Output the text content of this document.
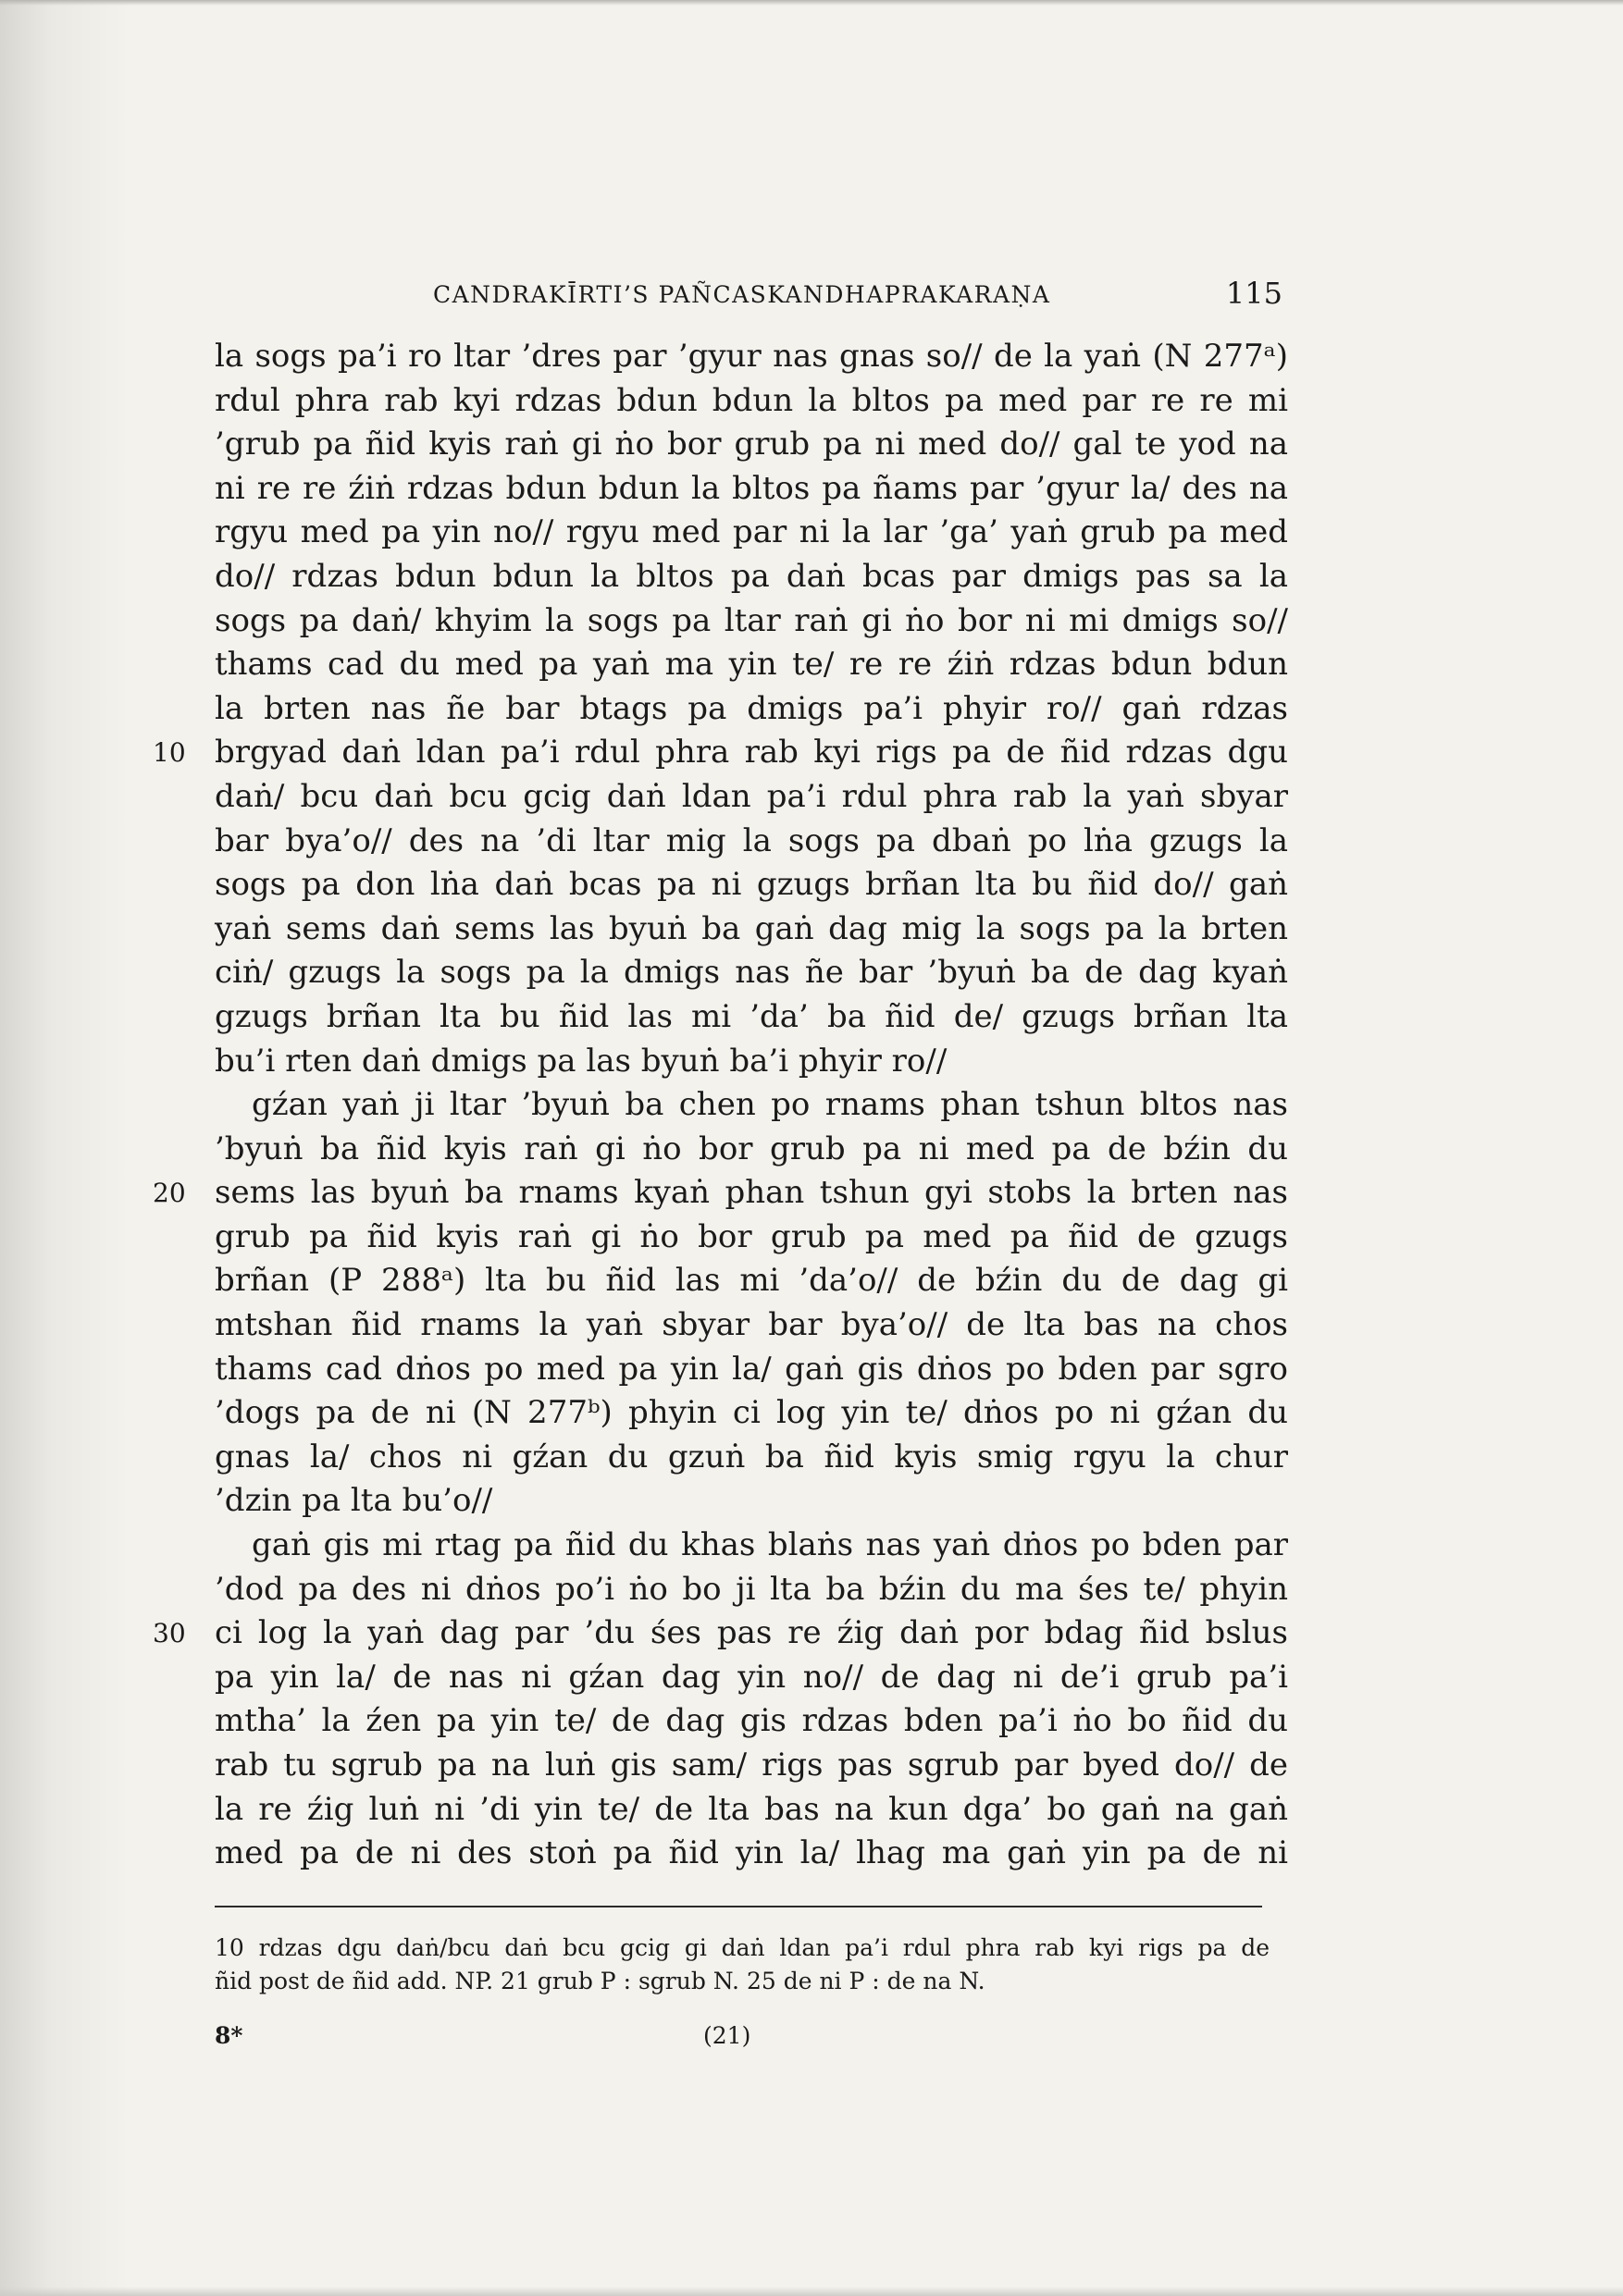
CANDRAKĪRTI’S PAÑCASKANDHAPRAKARAṆA	115
la sogs pa’i ro ltar ’dres par ’gyur nas gnas so// de la yaṅ (N 277ᵃ)
rdul phra rab kyi rdzas bdun bdun la bltos pa med par re re mi
’grub pa ñid kyis raṅ gi ṅo bor grub pa ni med do// gal te yod na
ni re re źiṅ rdzas bdun bdun la bltos pa ñams par ’gyur la/ des na
rgyu med pa yin no// rgyu med par ni la lar ’ga’ yaṅ grub pa med
do// rdzas bdun bdun la bltos pa daṅ bcas par dmigs pas sa la
sogs pa daṅ/ khyim la sogs pa ltar raṅ gi ṅo bor ni mi dmigs so//
thams cad du med pa yaṅ ma yin te/ re re źiṅ rdzas bdun bdun
la brten nas ñe bar btags pa dmigs pa’i phyir ro// gaṅ rdzas
brgyad daṅ ldan pa’i rdul phra rab kyi rigs pa de ñid rdzas dgu
10
daṅ/ bcu daṅ bcu gcig daṅ ldan pa’i rdul phra rab la yaṅ sbyar
bar bya’o// des na ’di ltar mig la sogs pa dbaṅ po lṅa gzugs la
sogs pa don lṅa daṅ bcas pa ni gzugs brñan lta bu ñid do// gaṅ
yaṅ sems daṅ sems las byuṅ ba gaṅ dag mig la sogs pa la brten
ciṅ/ gzugs la sogs pa la dmigs nas ñe bar ’byuṅ ba de dag kyaṅ
gzugs brñan lta bu ñid las mi ’da’ ba ñid de/ gzugs brñan lta
bu’i rten daṅ dmigs pa las byuṅ ba’i phyir ro//
gźan yaṅ ji ltar ’byuṅ ba chen po rnams phan tshun bltos nas
’byuṅ ba ñid kyis raṅ gi ṅo bor grub pa ni med pa de bźin du
sems las byuṅ ba rnams kyaṅ phan tshun gyi stobs la brten nas
20
grub pa ñid kyis raṅ gi ṅo bor grub pa med pa ñid de gzugs
brñan (P 288ᵃ) lta bu ñid las mi ’da’o// de bźin du de dag gi
mtshan ñid rnams la yaṅ sbyar bar bya’o// de lta bas na chos
thams cad dṅos po med pa yin la/ gaṅ gis dṅos po bden par sgro
’dogs pa de ni (N 277ᵇ) phyin ci log yin te/ dṅos po ni gźan du
gnas la/ chos ni gźan du gzuṅ ba ñid kyis smig rgyu la chur
’dzin pa lta bu’o//
gaṅ gis mi rtag pa ñid du khas blaṅs nas yaṅ dṅos po bden par
’dod pa des ni dṅos po’i ṅo bo ji lta ba bźin du ma śes te/ phyin
ci log la yaṅ dag par ’du śes pas re źig daṅ por bdag ñid bslus
30
pa yin la/ de nas ni gźan dag yin no// de dag ni de’i grub pa’i
mtha’ la źen pa yin te/ de dag gis rdzas bden pa’i ṅo bo ñid du
rab tu sgrub pa na luṅ gis sam/ rigs pas sgrub par byed do// de
la re źig luṅ ni ’di yin te/ de lta bas na kun dga’ bo gaṅ na gaṅ
med pa de ni des stoṅ pa ñid yin la/ lhag ma gaṅ yin pa de ni
10 rdzas dgu daṅ/bcu daṅ bcu gcig gi daṅ ldan pa’i rdul phra rab kyi rigs pa de
ñid post de ñid add. NP. 21 grub P : sgrub N. 25 de ni P : de na N.
8*	(21)
